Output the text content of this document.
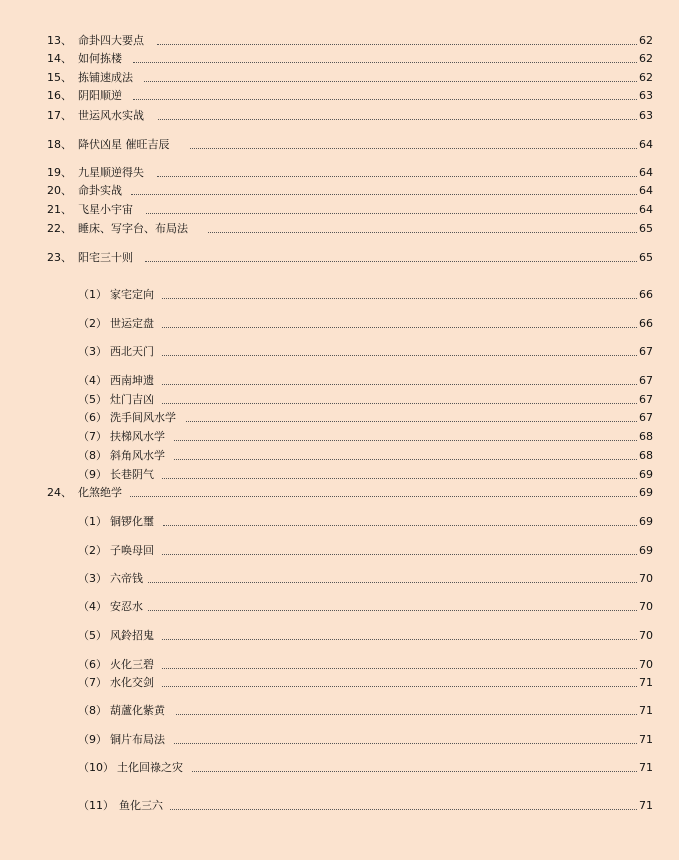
13、 命卦四大要点	62
14、 如何拣楼	62
15、 拣铺速成法	62
16、 阴阳顺逆	63
17、 世运风水实战	63
18、 降伏凶星 催旺吉辰	64
19、 九星顺逆得失	64
20、 命卦实战	64
21、 飞星小宇宙	64
22、 睡床、写字台、布局法	65
23、 阳宅三十则	65
（1） 家宅定向	66
（2） 世运定盘	66
（3） 西北天门	67
（4） 西南坤遗	67
（5） 灶门吉凶	67
（6） 洗手间风水学	67
（7） 扶梯风水学	68
（8） 斜角风水学	68
（9） 长巷阴气	69
24、 化煞绝学	69
（1） 铜锣化璽	69
（2） 子唤母回	69
（3） 六帝钱	70
（4） 安忍水	70
（5） 风鈴招鬼	70
（6） 火化三碧	70
（7） 水化交剑	71
（8） 葫蘆化紫黄	71
（9） 铜片布局法	71
（10） 土化回祿之灾	71
（11） 鱼化三六	71
